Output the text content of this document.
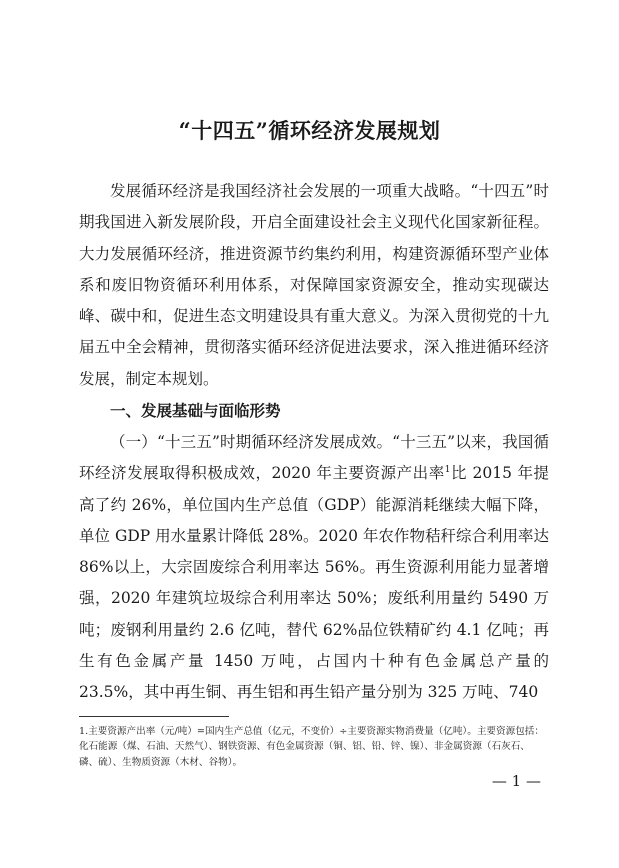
“十四五”循环经济发展规划

发展循环经济是我国经济社会发展的一项重大战略。“十四五”时期我国进入新发展阶段，开启全面建设社会主义现代化国家新征程。大力发展循环经济，推进资源节约集约利用，构建资源循环型产业体系和废旧物资循环利用体系，对保障国家资源安全，推动实现碳达峰、碳中和，促进生态文明建设具有重大意义。为深入贯彻党的十九届五中全会精神，贯彻落实循环经济促进法要求，深入推进循环经济发展，制定本规划。

一、发展基础与面临形势

（一）“十三五”时期循环经济发展成效。“十三五”以来，我国循环经济发展取得积极成效，2020 年主要资源产出率$^1$比 2015 年提高了约 26%，单位国内生产总值（GDP）能源消耗继续大幅下降，单位 GDP 用水量累计降低 28%。2020 年农作物秸秆综合利用率达 86%以上，大宗固废综合利用率达 56%。再生资源利用能力显著增强，2020 年建筑垃圾综合利用率达 50%；废纸利用量约 5490 万吨；废钢利用量约 2.6 亿吨，替代 62%品位铁精矿约 4.1 亿吨；再生有色金属产量 1450 万吨，占国内十种有色金属总产量的 23.5%，其中再生铜、再生铝和再生铅产量分别为 325 万吨、740

1.主要资源产出率（元/吨）=国内生产总值（亿元，不变价）÷主要资源实物消费量（亿吨）。主要资源包括：化石能源（煤、石油、天然气）、钢铁资源、有色金属资源（铜、铝、铅、锌、镍）、非金属资源（石灰石、磷、硫）、生物质资源（木材、谷物）。

— 1 —
